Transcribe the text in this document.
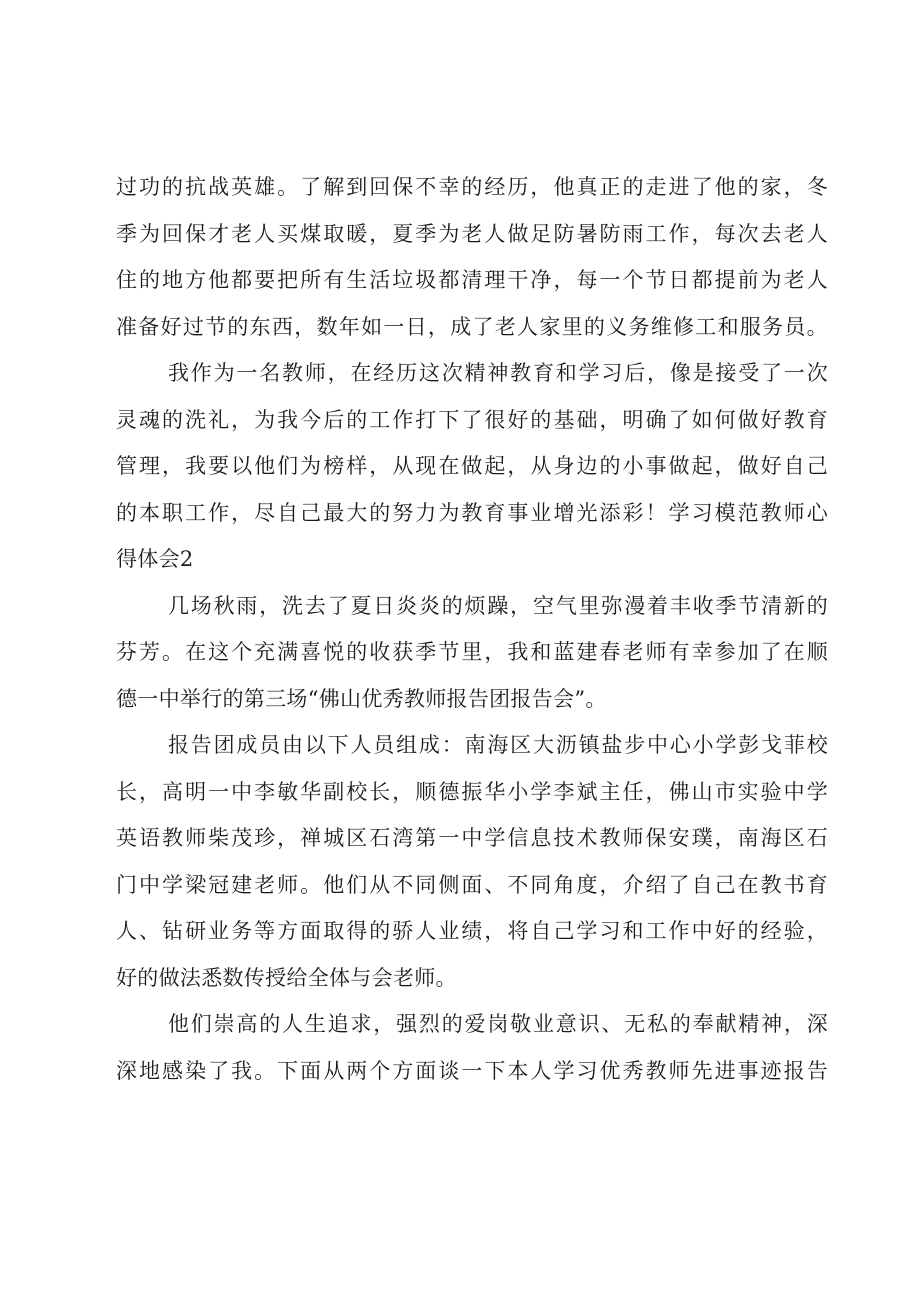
过功的抗战英雄。了解到回保不幸的经历，他真正的走进了他的家，冬
季为回保才老人买煤取暖，夏季为老人做足防暑防雨工作，每次去老人
住的地方他都要把所有生活垃圾都清理干净，每一个节日都提前为老人
准备好过节的东西，数年如一日，成了老人家里的义务维修工和服务员。
我作为一名教师，在经历这次精神教育和学习后，像是接受了一次
灵魂的洗礼，为我今后的工作打下了很好的基础，明确了如何做好教育
管理，我要以他们为榜样，从现在做起，从身边的小事做起，做好自己
的本职工作，尽自己最大的努力为教育事业增光添彩！学习模范教师心
得体会2
几场秋雨，洗去了夏日炎炎的烦躁，空气里弥漫着丰收季节清新的
芬芳。在这个充满喜悦的收获季节里，我和蓝建春老师有幸参加了在顺
德一中举行的第三场“佛山优秀教师报告团报告会”。
报告团成员由以下人员组成：南海区大沥镇盐步中心小学彭戈菲校
长，高明一中李敏华副校长，顺德振华小学李斌主任，佛山市实验中学
英语教师柴茂珍，禅城区石湾第一中学信息技术教师保安璞，南海区石
门中学梁冠建老师。他们从不同侧面、不同角度，介绍了自己在教书育
人、钻研业务等方面取得的骄人业绩，将自己学习和工作中好的经验，
好的做法悉数传授给全体与会老师。
他们崇高的人生追求，强烈的爱岗敬业意识、无私的奉献精神，深
深地感染了我。下面从两个方面谈一下本人学习优秀教师先进事迹报告
